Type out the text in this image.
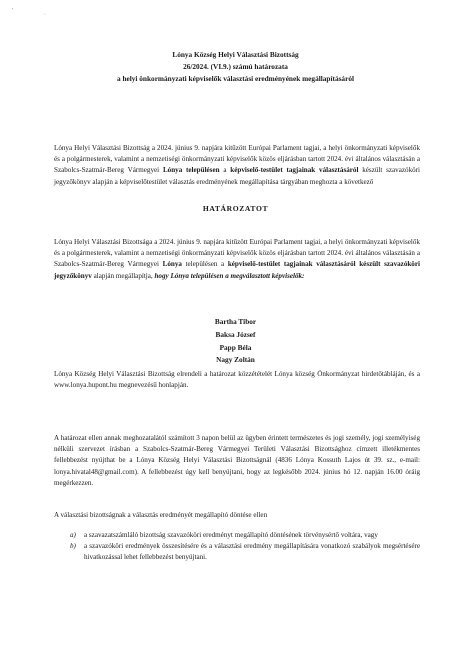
'
·
Lónya Község Helyi Választási Bizottság
26/2024. (VI.9.) számú határozata
a helyi önkormányzati képviselők választási eredményének megállapításáról
Lónya Helyi Választási Bizottság a 2024. június 9. napjára kitűzött Európai Parlament tagjai, a helyi önkormányzati képviselők és a polgármesterek, valamint a nemzetiségi önkormányzati képviselők közös eljárásban tartott 2024. évi általános választásán a Szabolcs-Szatmár-Bereg Vármegyei Lónya településen a képviselő-testület tagjainak választásáról készült szavazóköri jegyzőkönyv alapján a képviselőtestület választás eredményének megállapítása tárgyában meghozta a következő
HATÁROZATOT
Lónya Helyi Választási Bizottsága a 2024. június 9. napjára kitűzött Európai Parlament tagjai, a helyi önkormányzati képviselők és a polgármesterek, valamint a nemzetiségi önkormányzati képviselők közös eljárásban tartott 2024. évi általános választásán a Szabolcs-Szatmár-Bereg Vármegyei Lónya településen a képviselő-testület tagjainak választásáról készült szavazóköri jegyzőkönyv alapján megállapítja, hogy Lónya településen a megválasztott képviselők:
Bartha Tibor
Baksa József
Papp Béla
Nagy Zoltán
Lónya Község Helyi Választási Bizottság elrendeli a határozat közzétételét Lónya község Önkormányzat hirdetőtábláján, és a www.lonya.hupont.hu megnevezésű honlapján.
A határozat ellen annak meghozatalától számított 3 napon belül az ügyben érintett természetes és jogi személy, jogi személyiség nélküli szervezet írásban a Szabolcs-Szatmár-Bereg Vármegyei Területi Választási Bizottsághoz címzett illetékmentes fellebbezést nyújthat be a Lónya Község Helyi Választási Bizottságnál (4836 Lónya Kossuth Lajos út 39. sz., e-mail: lonya.hivatal48@gmail.com). A fellebbezést úgy kell benyújtani, hogy az legkésőbb 2024. június hó 12. napján 16.00 óráig megérkezzen.
A választási bizottságnak a választás eredményét megállapító döntése ellen
a)	a szavazatszámláló bizottság szavazóköri eredményt megállapító döntésének törvénysértő voltára, vagy
b)	a szavazóköri eredmények összesítésére és a választási eredmény megállapítására vonatkozó szabályok megsértésére hivatkozással lehet fellebbezést benyújtani.
